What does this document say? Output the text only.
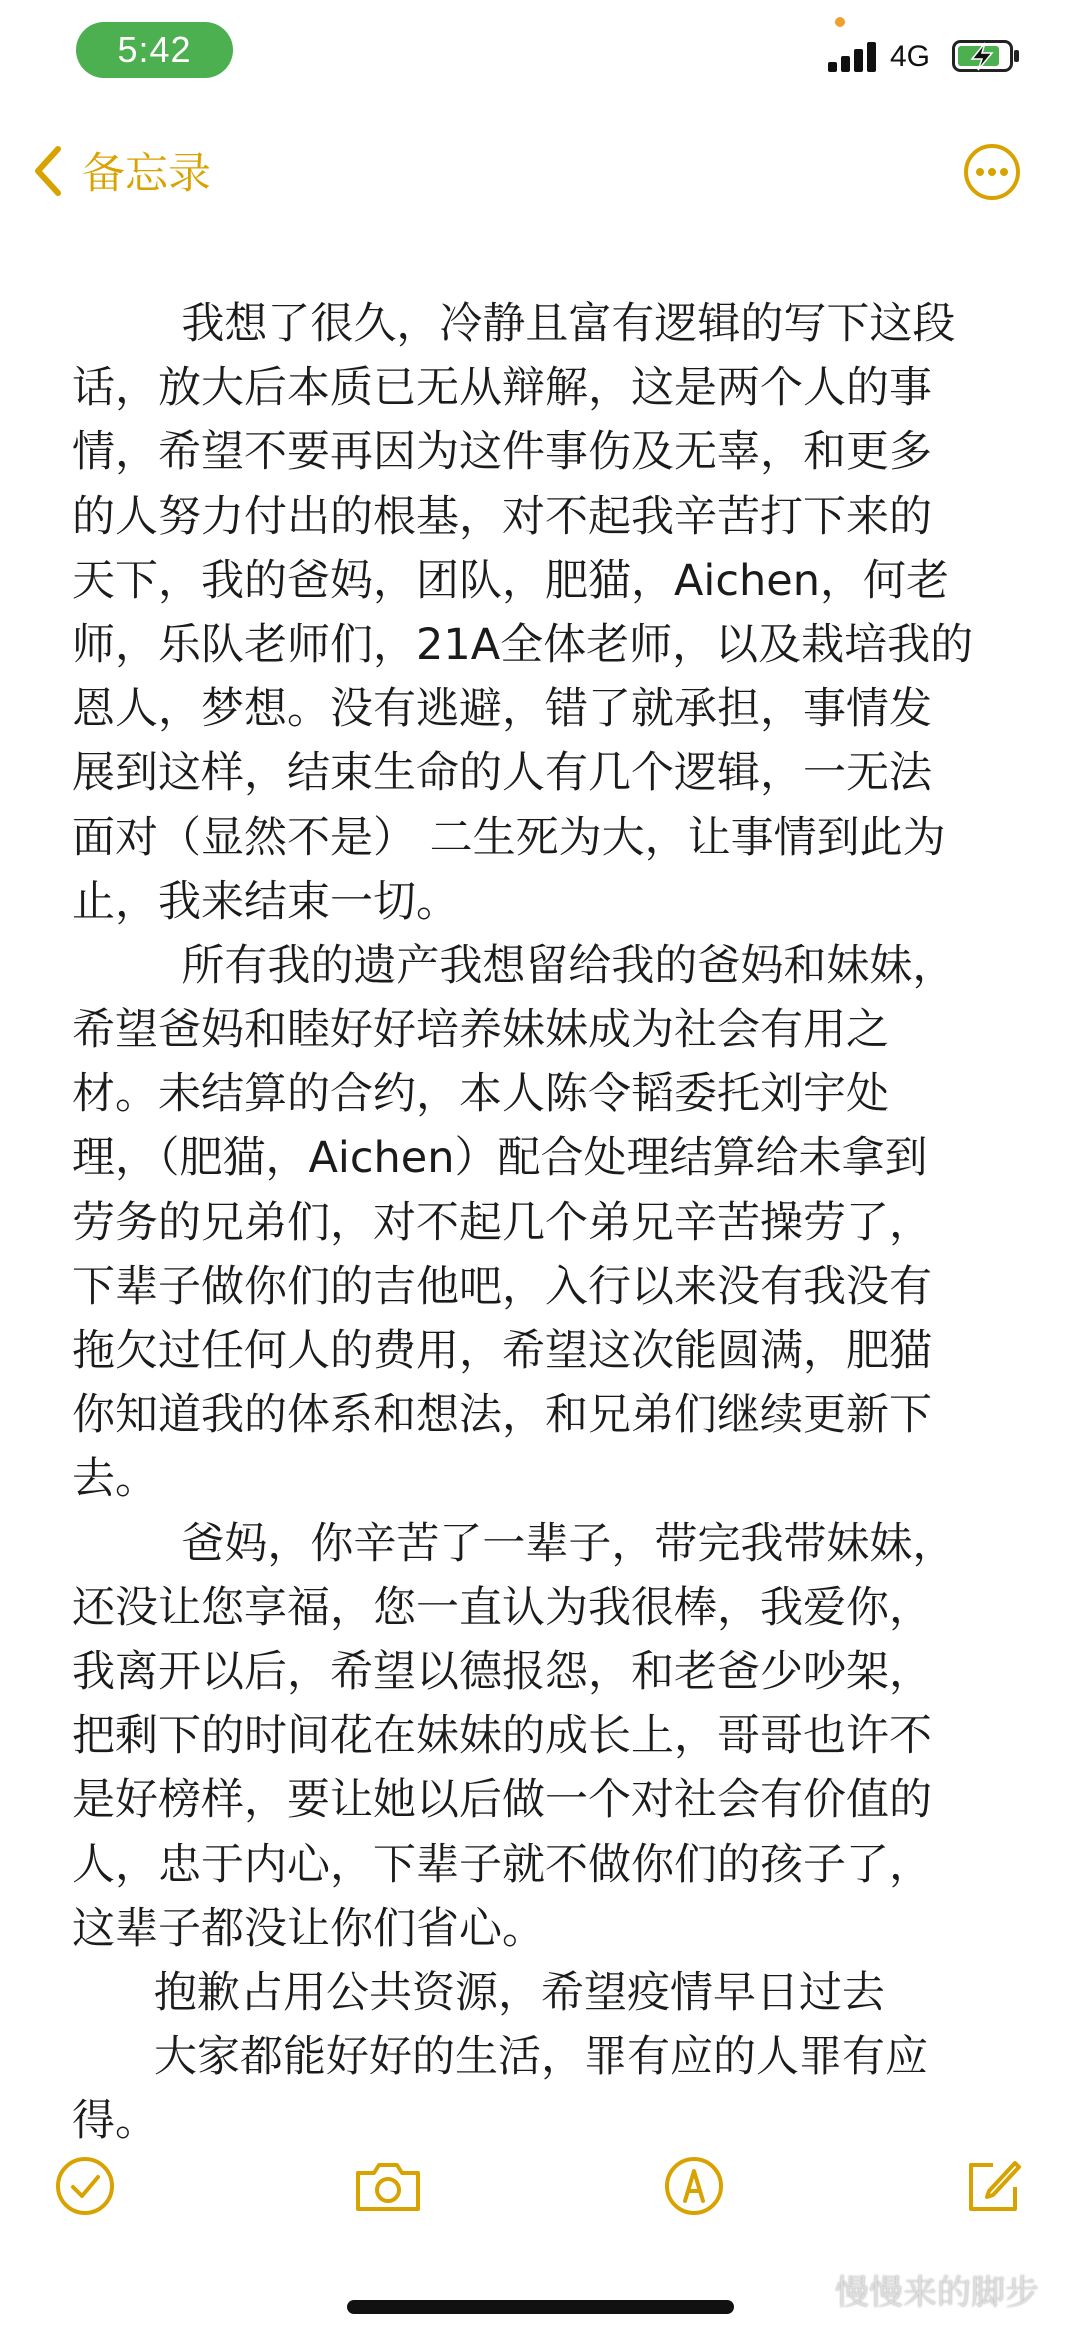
5:42	4G
备忘录
我想了很久，冷静且富有逻辑的写下这段
话，放大后本质已无从辩解，这是两个人的事
情，希望不要再因为这件事伤及无辜，和更多
的人努力付出的根基，对不起我辛苦打下来的
天下，我的爸妈，团队，肥猫，Aichen，何老
师，乐队老师们，21A全体老师，以及栽培我的
恩人，梦想。没有逃避，错了就承担，事情发
展到这样，结束生命的人有几个逻辑，一无法
面对（显然不是） 二生死为大，让事情到此为
止，我来结束一切。
所有我的遗产我想留给我的爸妈和妹妹，
希望爸妈和睦好好培养妹妹成为社会有用之
材。未结算的合约，本人陈令韬委托刘宇处
理，（肥猫，Aichen）配合处理结算给未拿到
劳务的兄弟们，对不起几个弟兄辛苦操劳了，
下辈子做你们的吉他吧，入行以来没有我没有
拖欠过任何人的费用，希望这次能圆满，肥猫
你知道我的体系和想法，和兄弟们继续更新下
去。
爸妈，你辛苦了一辈子，带完我带妹妹，
还没让您享福，您一直认为我很棒，我爱你，
我离开以后，希望以德报怨，和老爸少吵架，
把剩下的时间花在妹妹的成长上，哥哥也许不
是好榜样，要让她以后做一个对社会有价值的
人，忠于内心，下辈子就不做你们的孩子了，
这辈子都没让你们省心。
抱歉占用公共资源，希望疫情早日过去
大家都能好好的生活，罪有应的人罪有应
得。
慢慢来的脚步
